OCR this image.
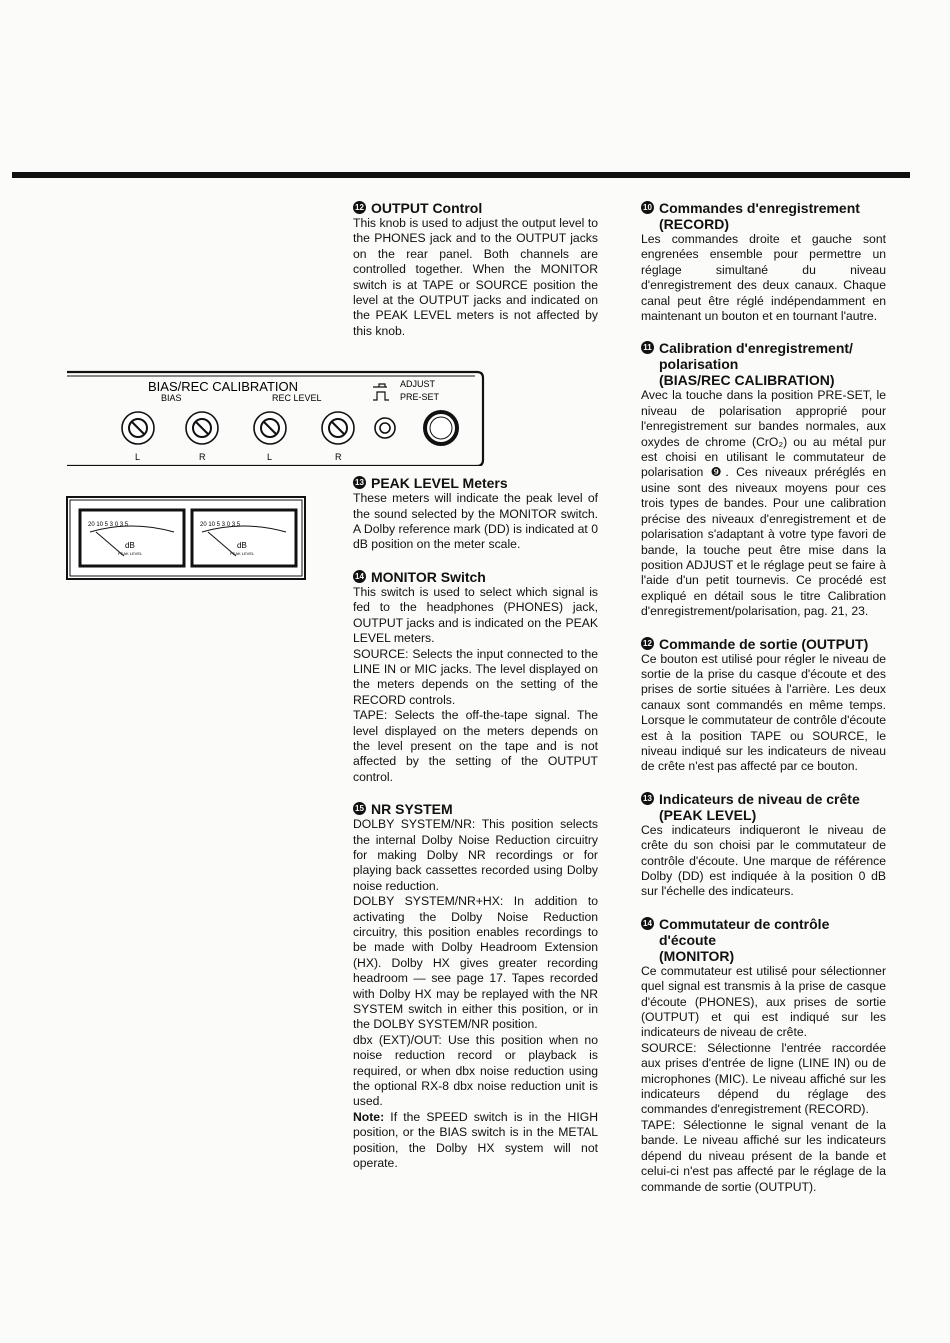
BIAS/REC CALIBRATION
BIAS	REC LEVEL
ADJUST
PRE-SET
L	R	L	R
20 10 5 3 0 3 5
dB
PEAK LEVEL
20 10 5 3 0 3 5
dB
PEAK LEVEL
12 OUTPUT Control

This knob is used to adjust the output level to the PHONES jack and to the OUTPUT jacks on the rear panel. Both channels are controlled together. When the MONITOR switch is at TAPE or SOURCE position the level at the OUTPUT jacks and indicated on the PEAK LEVEL meters is not affected by this knob.

13 PEAK LEVEL Meters

These meters will indicate the peak level of the sound selected by the MONITOR switch. A Dolby reference mark (DD) is indicated at 0 dB position on the meter scale.

14 MONITOR Switch

This switch is used to select which signal is fed to the headphones (PHONES) jack, OUTPUT jacks and is indicated on the PEAK LEVEL meters.

SOURCE: Selects the input connected to the LINE IN or MIC jacks. The level displayed on the meters depends on the setting of the RECORD controls.

TAPE: Selects the off-the-tape signal. The level displayed on the meters depends on the level present on the tape and is not affected by the setting of the OUTPUT control.

15 NR SYSTEM

DOLBY SYSTEM/NR: This position selects the internal Dolby Noise Reduction circuitry for making Dolby NR recordings or for playing back cassettes recorded using Dolby noise reduction.

DOLBY SYSTEM/NR+HX: In addition to activating the Dolby Noise Reduction circuitry, this position enables recordings to be made with Dolby Headroom Extension (HX). Dolby HX gives greater recording headroom — see page 17. Tapes recorded with Dolby HX may be replayed with the NR SYSTEM switch in either this position, or in the DOLBY SYSTEM/NR position.

dbx (EXT)/OUT: Use this position when no noise reduction record or playback is required, or when dbx noise reduction using the optional RX-8 dbx noise reduction unit is used.

Note: If the SPEED switch is in the HIGH position, or the BIAS switch is in the METAL position, the Dolby HX system will not operate.

10 Commandes d'enregistrement
(RECORD)

Les commandes droite et gauche sont engrenées ensemble pour permettre un réglage simultané du niveau d'enregistrement des deux canaux. Chaque canal peut être réglé indépendamment en maintenant un bouton et en tournant l'autre.

11 Calibration d'enregistrement/
polarisation
(BIAS/REC CALIBRATION)

Avec la touche dans la position PRE-SET, le niveau de polarisation approprié pour l'enregistrement sur bandes normales, aux oxydes de chrome (CrO₂) ou au métal pur est choisi en utilisant le commutateur de polarisation ❾. Ces niveaux préréglés en usine sont des niveaux moyens pour ces trois types de bandes. Pour une calibration précise des niveaux d'enregistrement et de polarisation s'adaptant à votre type favori de bande, la touche peut être mise dans la position ADJUST et le réglage peut se faire à l'aide d'un petit tournevis. Ce procédé est expliqué en détail sous le titre Calibration d'enregistrement/polarisation, pag. 21, 23.

12 Commande de sortie (OUTPUT)

Ce bouton est utilisé pour régler le niveau de sortie de la prise du casque d'écoute et des prises de sortie situées à l'arrière. Les deux canaux sont commandés en même temps. Lorsque le commutateur de contrôle d'écoute est à la position TAPE ou SOURCE, le niveau indiqué sur les indicateurs de niveau de crête n'est pas affecté par ce bouton.

13 Indicateurs de niveau de crête
(PEAK LEVEL)

Ces indicateurs indiqueront le niveau de crête du son choisi par le commutateur de contrôle d'écoute. Une marque de référence Dolby (DD) est indiquée à la position 0 dB sur l'échelle des indicateurs.

14 Commutateur de contrôle d'écoute
(MONITOR)

Ce commutateur est utilisé pour sélectionner quel signal est transmis à la prise de casque d'écoute (PHONES), aux prises de sortie (OUTPUT) et qui est indiqué sur les indicateurs de niveau de crête.

SOURCE: Sélectionne l'entrée raccordée aux prises d'entrée de ligne (LINE IN) ou de microphones (MIC). Le niveau affiché sur les indicateurs dépend du réglage des commandes d'enregistrement (RECORD).

TAPE: Sélectionne le signal venant de la bande. Le niveau affiché sur les indicateurs dépend du niveau présent de la bande et celui-ci n'est pas affecté par le réglage de la commande de sortie (OUTPUT).
